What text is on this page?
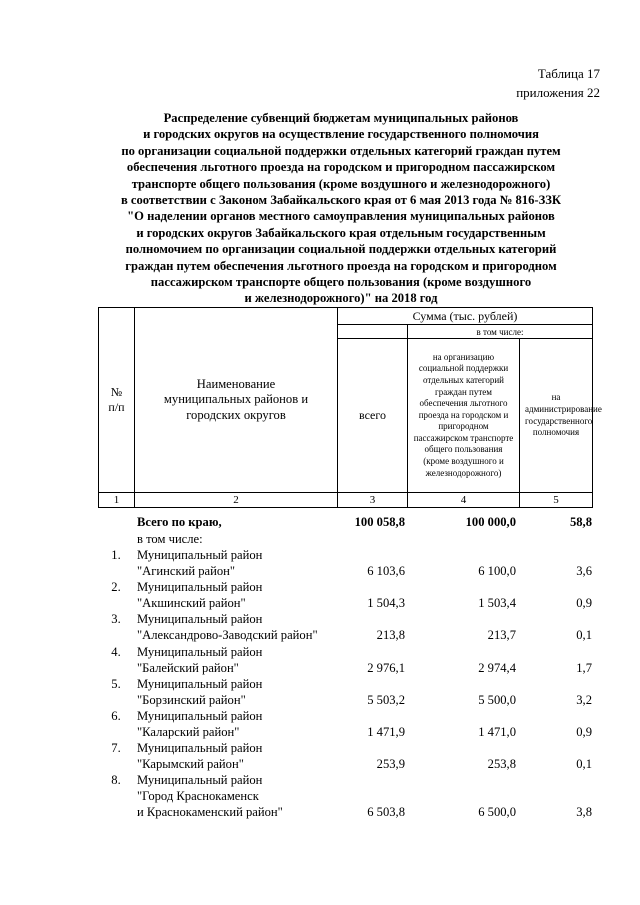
Таблица 17
приложения 22
Распределение субвенций бюджетам муниципальных районов
и городских округов на осуществление государственного полномочия
по организации социальной поддержки отдельных категорий граждан путем
обеспечения льготного проезда на городском и пригородном пассажирском
транспорте общего пользования (кроме воздушного и железнодорожного)
в соответствии с Законом Забайкальского края от 6 мая 2013 года № 816-ЗЗК
"О наделении органов местного самоуправления муниципальных районов
и городских округов Забайкальского края отдельным государственным
полномочием по организации социальной поддержки отдельных категорий
граждан путем обеспечения льготного проезда на городском и пригородном
пассажирском транспорте общего пользования (кроме воздушного
и железнодорожного)" на 2018 год
№ п/п	Наименование муниципальных районов и городских округов	Сумма (тыс. рублей)		
			в том числе:	
		всего	на организацию социальной поддержки отдельных категорий граждан путем обеспечения льготного проезда на городском и пригородном пассажирском транспорте общего пользования (кроме воздушного и железнодорожного)	на администрирование государственного полномочия
1	2	3	4	5
Всего по краю,	100 058,8	100 000,0	58,8
в том числе:
1.	Муниципальный район
"Агинский район"	6 103,6	6 100,0	3,6
2.	Муниципальный район
"Акшинский район"	1 504,3	1 503,4	0,9
3.	Муниципальный район
"Александрово-Заводский район"	213,8	213,7	0,1
4.	Муниципальный район
"Балейский район"	2 976,1	2 974,4	1,7
5.	Муниципальный район
"Борзинский район"	5 503,2	5 500,0	3,2
6.	Муниципальный район
"Каларский район"	1 471,9	1 471,0	0,9
7.	Муниципальный район
"Карымский район"	253,9	253,8	0,1
8.	Муниципальный район
"Город Краснокаменск
и Краснокаменский район"	6 503,8	6 500,0	3,8
